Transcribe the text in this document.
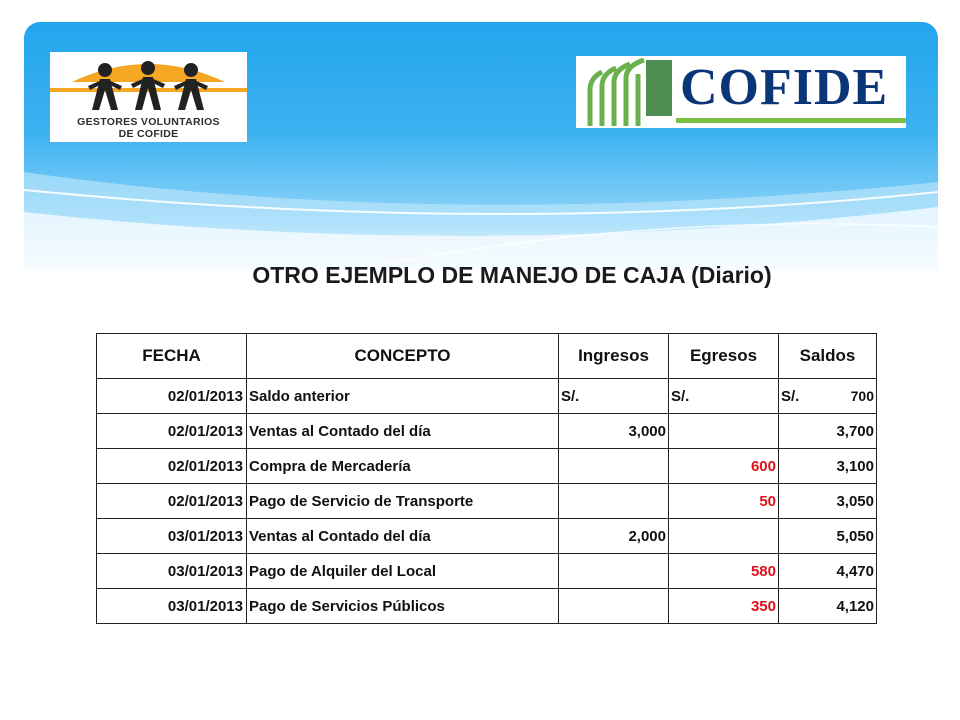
GESTORES VOLUNTARIOS
DE COFIDE
COFIDE
OTRO EJEMPLO DE MANEJO DE CAJA (Diario)
FECHA	CONCEPTO	Ingresos	Egresos	Saldos
02/01/2013	Saldo anterior	S/.	S/.	S/. 700

02/01/2013	Ventas al Contado del día	3,000		3,700
02/01/2013	Compra de Mercadería		600	3,100
02/01/2013	Pago de Servicio de Transporte		50	3,050
03/01/2013	Ventas al Contado del día	2,000		5,050
03/01/2013	Pago de Alquiler del Local		580	4,470
03/01/2013	Pago de Servicios Públicos		350	4,120
